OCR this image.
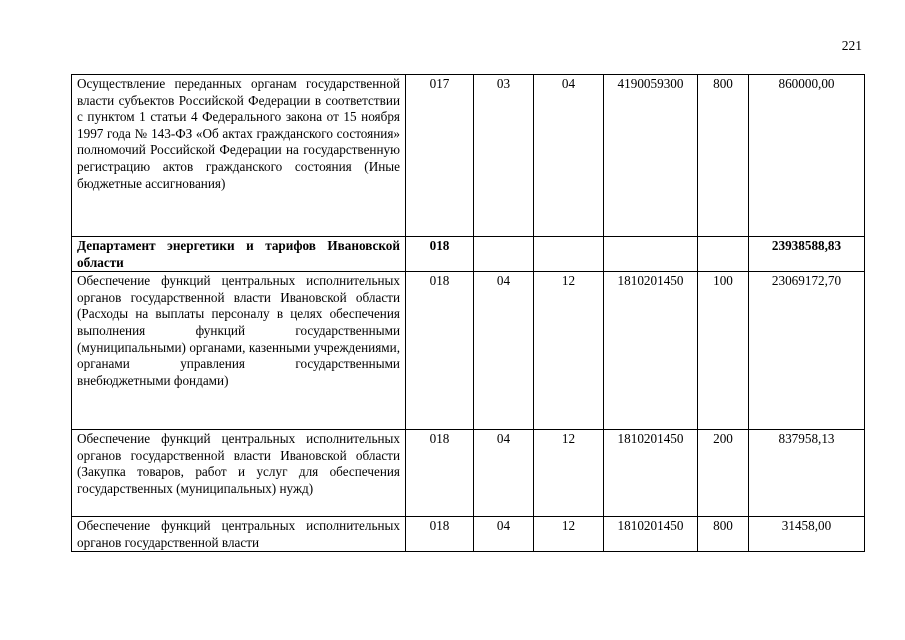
221
Осуществление переданных органам государственной власти субъектов Российской Федерации в соответствии с пунктом 1 статьи 4 Федерального закона от 15 ноября 1997 года № 143-ФЗ «Об актах гражданского состояния» полномочий Российской Федерации на государственную регистрацию актов гражданского состояния (Иные бюджетные ассигнования)	017	03	04	4190059300	800	860000,00
Департамент энергетики и тарифов Ивановской области	018					23938588,83
Обеспечение функций центральных исполнительных органов государственной власти Ивановской области (Расходы на выплаты персоналу в целях обеспечения выполнения функций государственными (муниципальными) органами, казенными учреждениями, органами управления государственными внебюджетными фондами)	018	04	12	1810201450	100	23069172,70
Обеспечение функций центральных исполнительных органов государственной власти Ивановской области (Закупка товаров, работ и услуг для обеспечения государственных (муниципальных) нужд)	018	04	12	1810201450	200	837958,13
Обеспечение функций центральных исполнительных органов государственной власти	018	04	12	1810201450	800	31458,00
